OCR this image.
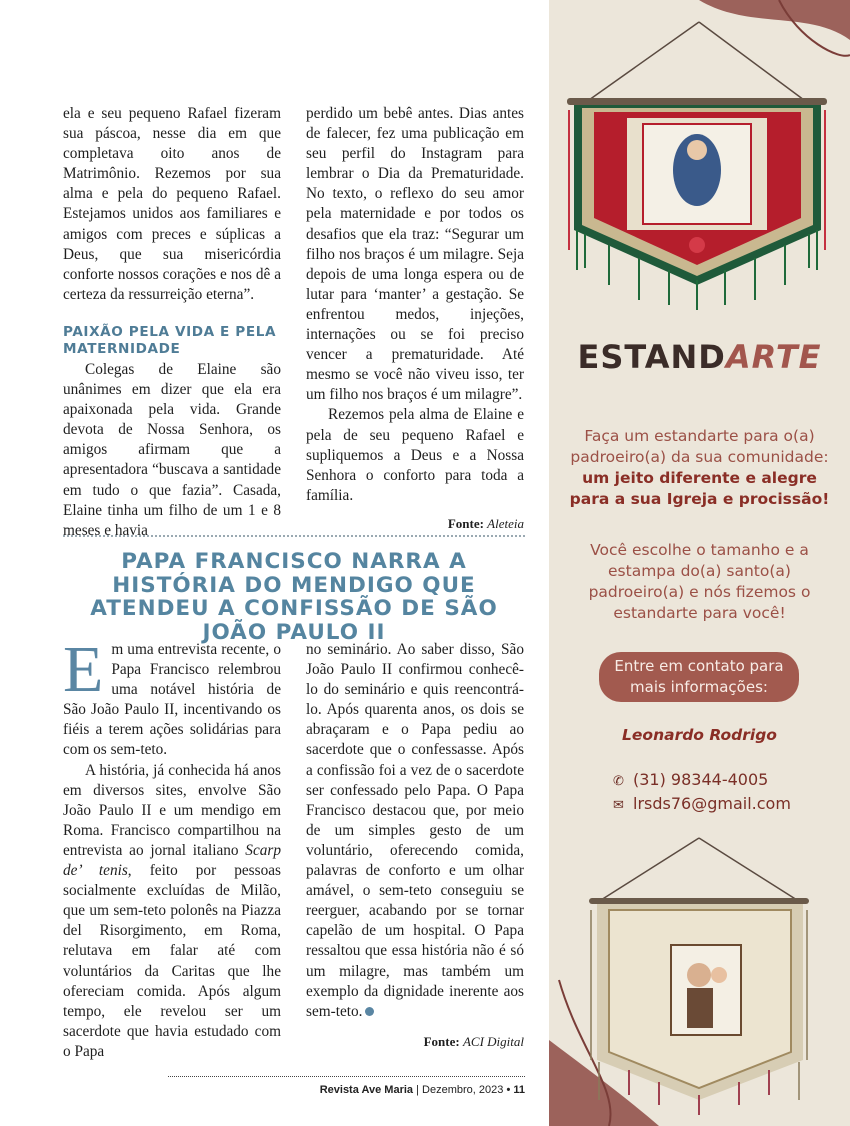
ela e seu pequeno Rafael fizeram sua páscoa, nesse dia em que completava oito anos de Matrimônio. Rezemos por sua alma e pela do pequeno Rafael. Estejamos unidos aos familiares e amigos com preces e súplicas a Deus, que sua misericórdia conforte nossos corações e nos dê a certeza da ressurreição eterna”.

PAIXÃO PELA VIDA E PELA MATERNIDADE

Colegas de Elaine são unânimes em dizer que ela era apaixonada pela vida. Grande devota de Nossa Senhora, os amigos afirmam que a apresentadora “buscava a santidade em tudo o que fazia”. Casada, Elaine tinha um filho de um 1 e 8 meses e havia

perdido um bebê antes. Dias antes de falecer, fez uma publicação em seu perfil do Instagram para lembrar o Dia da Prematuridade. No texto, o reflexo do seu amor pela maternidade e por todos os desafios que ela traz: “Segurar um filho nos braços é um milagre. Seja depois de uma longa espera ou de lutar para ‘manter’ a gestação. Se enfrentou medos, injeções, internações ou se foi preciso vencer a prematuridade. Até mesmo se você não viveu isso, ter um filho nos braços é um milagre”.

Rezemos pela alma de Elaine e pela de seu pequeno Rafael e supliquemos a Deus e a Nossa Senhora o conforto para toda a família.

Fonte: Aleteia
PAPA FRANCISCO NARRA A HISTÓRIA DO MENDIGO QUE ATENDEU A CONFISSÃO DE SÃO JOÃO PAULO II

Em uma entrevista recente, o Papa Francisco relembrou uma notável história de São João Paulo II, incentivando os fiéis a terem ações solidárias para com os sem-teto.

A história, já conhecida há anos em diversos sites, envolve São João Paulo II e um mendigo em Roma. Francisco compartilhou na entrevista ao jornal italiano Scarp de’ tenis, feito por pessoas socialmente excluídas de Milão, que um sem-teto polonês na Piazza del Risorgimento, em Roma, relutava em falar até com voluntários da Caritas que lhe ofereciam comida. Após algum tempo, ele revelou ser um sacerdote que havia estudado com o Papa

no seminário. Ao saber disso, São João Paulo II confirmou conhecê-lo do seminário e quis reencontrá-lo. Após quarenta anos, os dois se abraçaram e o Papa pediu ao sacerdote que o confessasse. Após a confissão foi a vez de o sacerdote ser confessado pelo Papa. O Papa Francisco destacou que, por meio de um simples gesto de um voluntário, oferecendo comida, palavras de conforto e um olhar amável, o sem-teto conseguiu se reerguer, acabando por se tornar capelão de um hospital. O Papa ressaltou que essa história não é só um milagre, mas também um exemplo da dignidade inerente aos sem-teto.

Fonte: ACI Digital
Revista Ave Maria | Dezembro, 2023 • 11
ESTANDARTE
Faça um estandarte para o(a)
padroeiro(a) da sua comunidade:
um jeito diferente e alegre
para a sua Igreja e procissão!
Você escolhe o tamanho e a
estampa do(a) santo(a)
padroeiro(a) e nós fizemos o
estandarte para você!
Entre em contato para
mais informações:
Leonardo Rodrigo
✆ (31) 98344-4005
✉ lrsds76@gmail.com
